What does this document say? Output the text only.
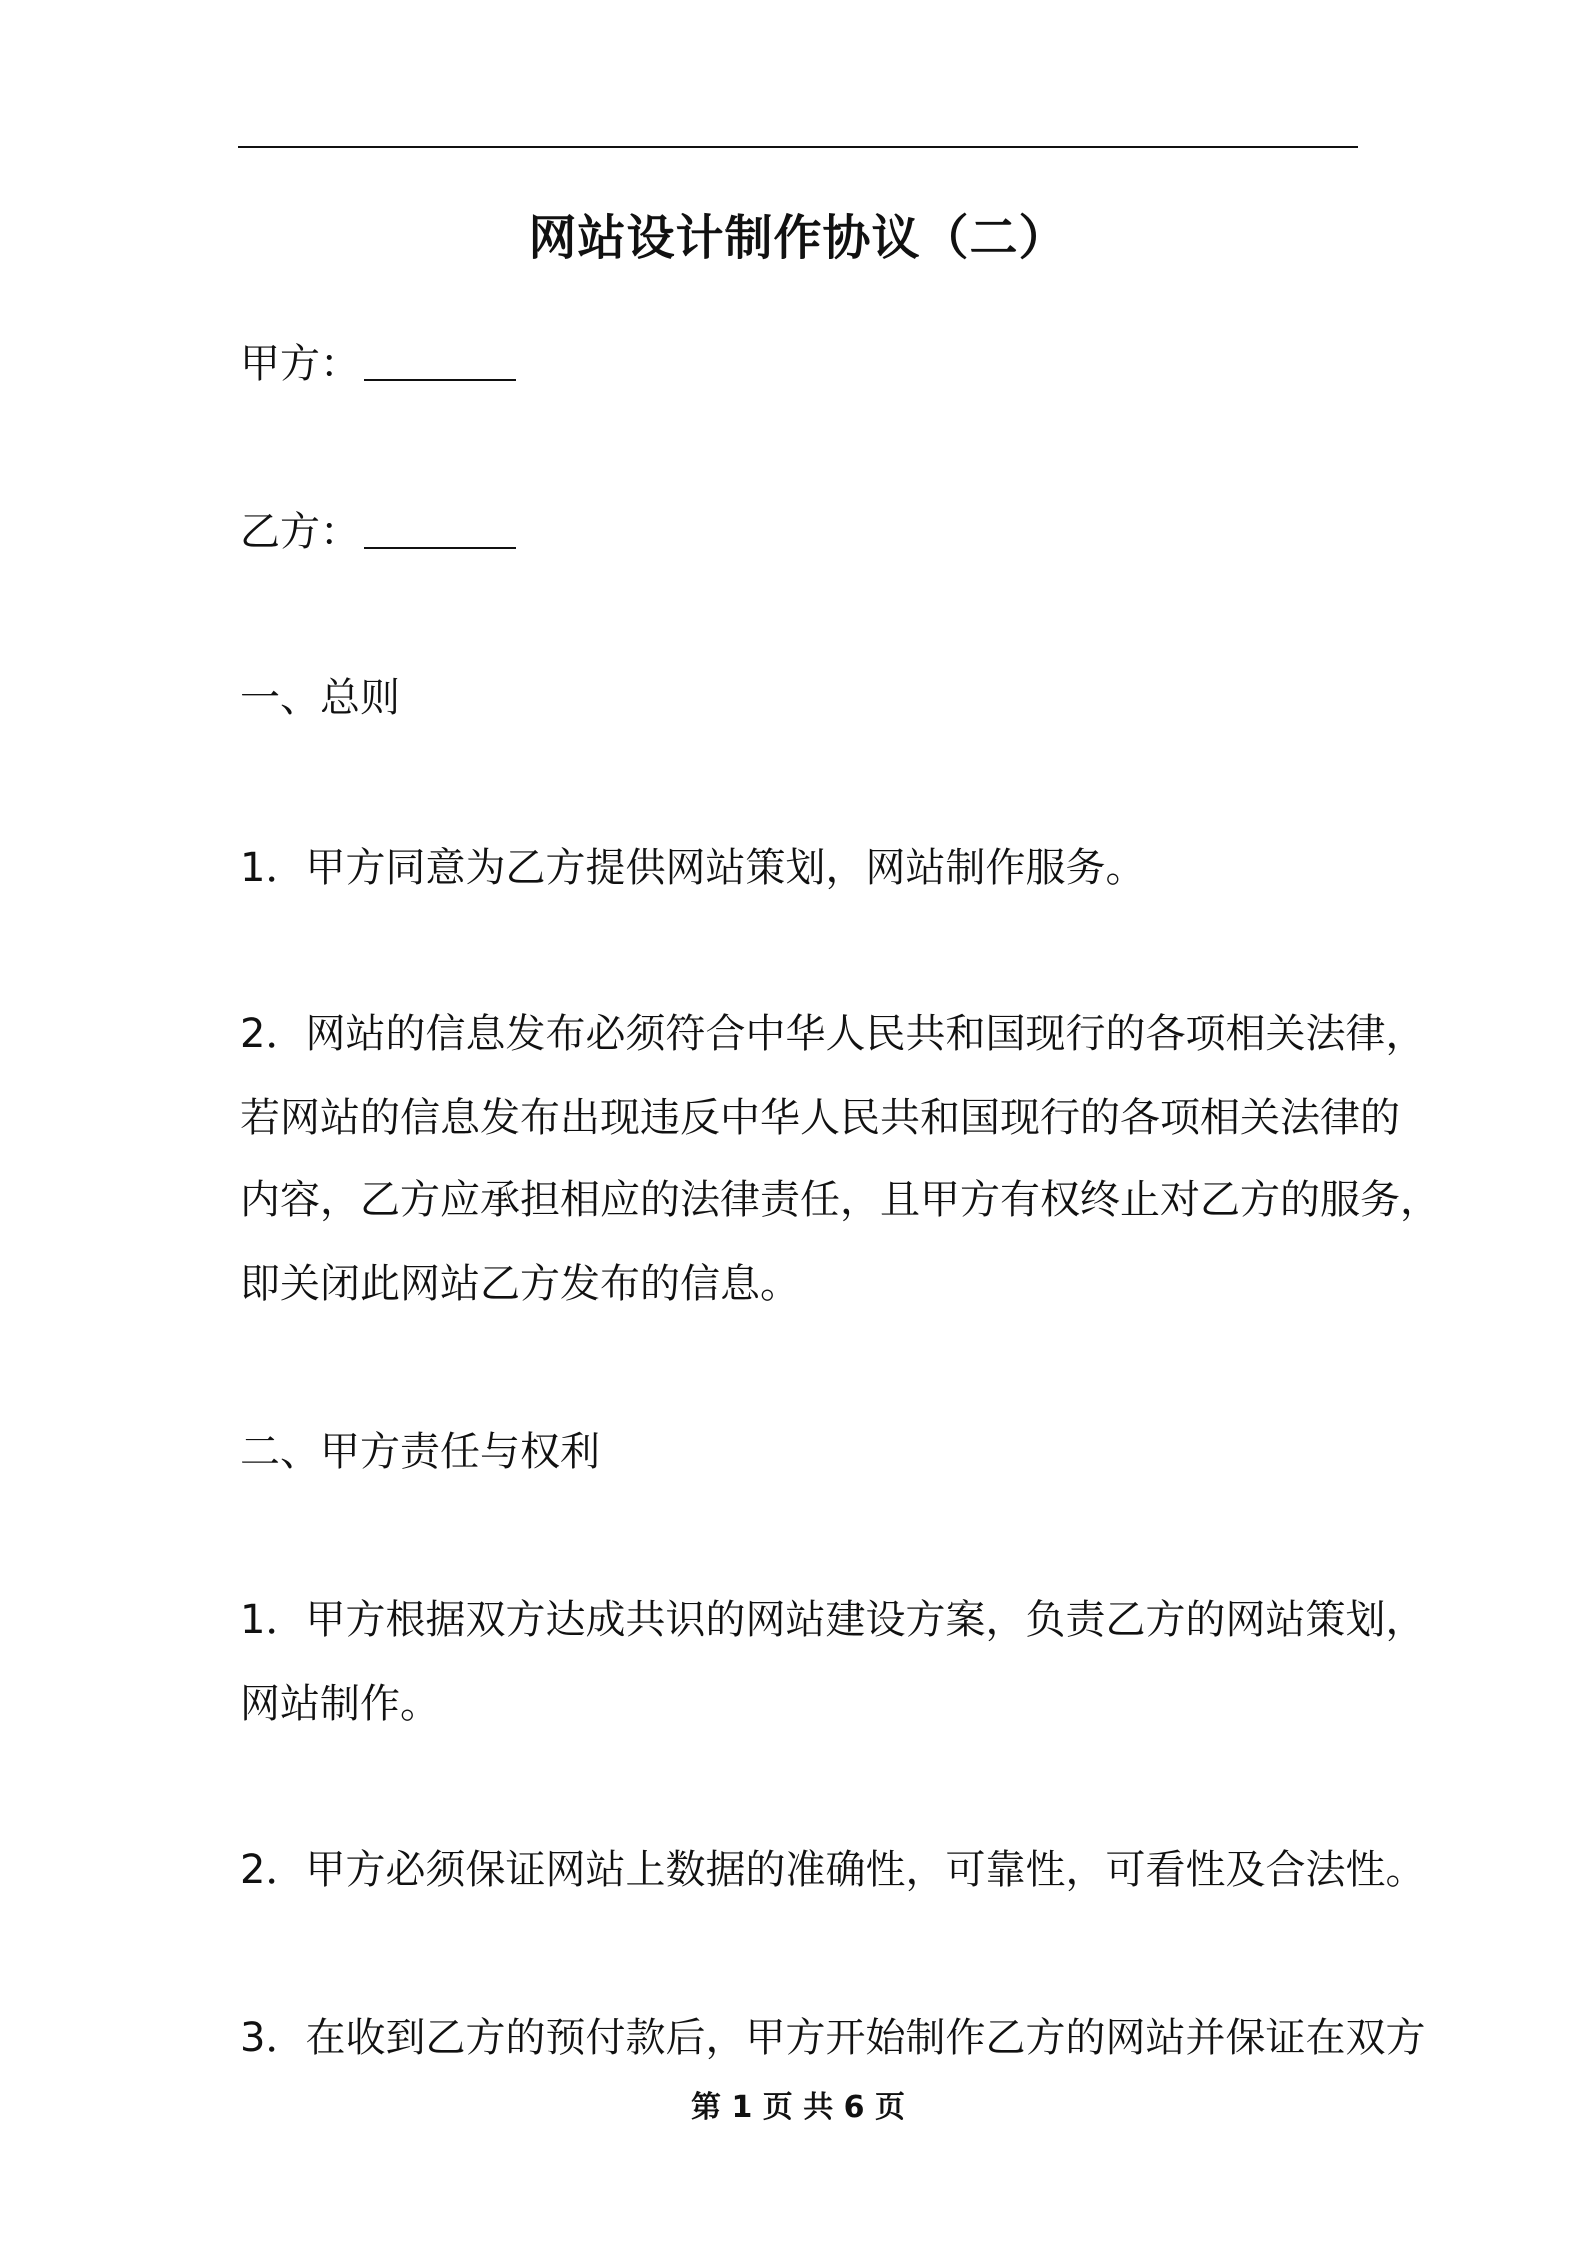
网站设计制作协议（二）
甲方：
乙方：
一、总则
1．甲方同意为乙方提供网站策划，网站制作服务。
2．网站的信息发布必须符合中华人民共和国现行的各项相关法律，
若网站的信息发布出现违反中华人民共和国现行的各项相关法律的
内容，乙方应承担相应的法律责任，且甲方有权终止对乙方的服务，
即关闭此网站乙方发布的信息。
二、甲方责任与权利
1．甲方根据双方达成共识的网站建设方案，负责乙方的网站策划，
网站制作。
2．甲方必须保证网站上数据的准确性，可靠性，可看性及合法性。
3．在收到乙方的预付款后，甲方开始制作乙方的网站并保证在双方
第 1 页 共 6 页
